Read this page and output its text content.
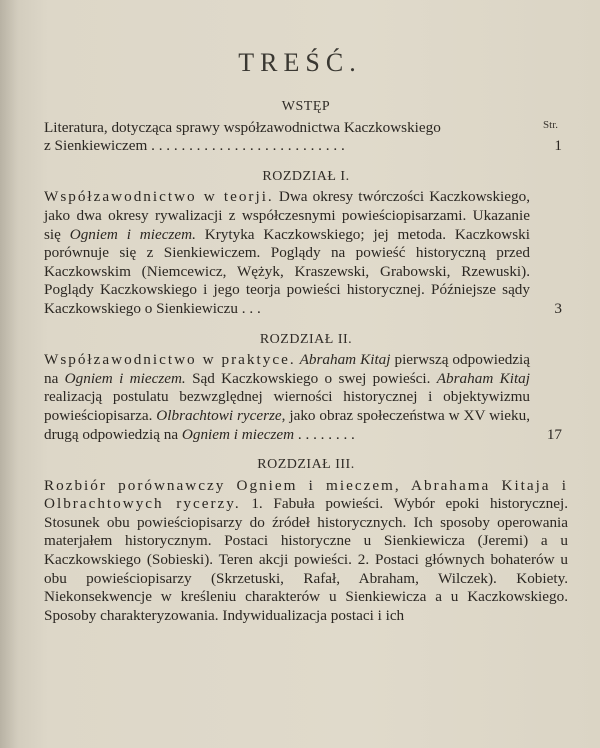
TREŚĆ.
WSTĘP
Str.
Literatura, dotycząca sprawy współzawodnictwa Kaczkowskiego
z Sienkiewiczem . . . . . . . . . . . . . . . . . . . . . . . . . .	1
ROZDZIAŁ I.
Współzawodnictwo w teorji. Dwa okresy twórczości Kaczkowskiego, jako dwa okresy rywalizacji z współczesnymi powieściopisarzami. Ukazanie się Ogniem i mieczem. Krytyka Kaczkowskiego; jej metoda. Kaczkowski porównuje się z Sienkiewiczem. Poglądy na powieść historyczną przed Kaczkowskim (Niemcewicz, Wężyk, Kraszewski, Grabowski, Rzewuski). Poglądy Kaczkowskiego i jego teorja powieści historycznej. Późniejsze sądy Kaczkowskiego o Sienkiewiczu . . .	3
ROZDZIAŁ II.
Współzawodnictwo w praktyce. Abraham Kitaj pierwszą odpowiedzią na Ogniem i mieczem. Sąd Kaczkowskiego o swej powieści. Abraham Kitaj realizacją postulatu bezwzględnej wierności historycznej i objektywizmu powieściopisarza. Olbrachtowi rycerze, jako obraz społeczeństwa w XV wieku, drugą odpowiedzią na Ogniem i mieczem . . . . . . . .	17
ROZDZIAŁ III.
Rozbiór porównawczy Ogniem i mieczem, Abrahama Kitaja i Olbrachtowych rycerzy. 1. Fabuła powieści. Wybór epoki historycznej. Stosunek obu powieściopisarzy do źródeł historycznych. Ich sposoby operowania materjałem historycznym. Postaci historyczne u Sienkiewicza (Jeremi) a u Kaczkowskiego (Sobieski). Teren akcji powieści. 2. Postaci głównych bohaterów u obu powieściopisarzy (Skrzetuski, Rafał, Abraham, Wilczek). Kobiety. Niekonsekwencje w kreśleniu charakterów u Sienkiewicza a u Kaczkowskiego. Sposoby charakteryzowania. Indywidualizacja postaci i ich
